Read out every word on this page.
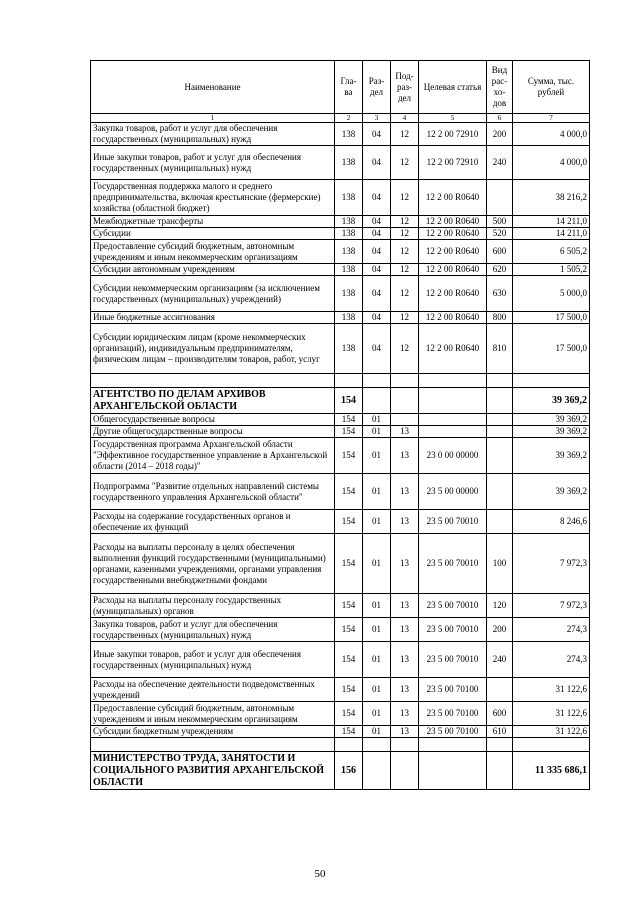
Наименование	Гла-ва	Раз-дел	Под-раз-дел	Целевая статья	Вид рас-хо-дов	Сумма, тыс. рублей
1	2	3	4	5	6	7
Закупка товаров, работ и услуг для обеспечения государственных (муниципальных) нужд	138	04	12	12 2 00 72910	200	4 000,0
Иные закупки товаров, работ и услуг для обеспечения государственных (муниципальных) нужд	138	04	12	12 2 00 72910	240	4 000,0
Государственная поддержка малого и среднего предпринимательства, включая крестьянские (фермерские) хозяйства (областной бюджет)	138	04	12	12 2 00 R0640		38 216,2
Межбюджетные трансферты	138	04	12	12 2 00 R0640	500	14 211,0
Субсидии	138	04	12	12 2 00 R0640	520	14 211,0
Предоставление субсидий бюджетным, автономным учреждениям и иным некоммерческим организациям	138	04	12	12 2 00 R0640	600	6 505,2
Субсидии автономным учреждениям	138	04	12	12 2 00 R0640	620	1 505,2
Субсидии некоммерческим организациям (за исключением государственных (муниципальных) учреждений)	138	04	12	12 2 00 R0640	630	5 000,0
Иные бюджетные ассигнования	138	04	12	12 2 00 R0640	800	17 500,0
Субсидии юридическим лицам (кроме некоммерческих организаций), индивидуальным предпринимателям, физическим лицам – производителям товаров, работ, услуг	138	04	12	12 2 00 R0640	810	17 500,0

АГЕНТСТВО ПО ДЕЛАМ АРХИВОВ АРХАНГЕЛЬСКОЙ ОБЛАСТИ	154					39 369,2
Общегосударственные вопросы	154	01				39 369,2
Другие общегосударственные вопросы	154	01	13			39 369,2
Государственная программа Архангельской области "Эффективное государственное управление в Архангельской области (2014 – 2018 годы)"	154	01	13	23 0 00 00000		39 369,2
Подпрограмма "Развитие отдельных направлений системы государственного управления Архангельской области"	154	01	13	23 5 00 00000		39 369,2
Расходы на содержание государственных органов и обеспечение их функций	154	01	13	23 5 00 70010		8 246,6
Расходы на выплаты персоналу в целях обеспечения выполнения функций государственными (муниципальными) органами, казенными учреждениями, органами управления государственными внебюджетными фондами	154	01	13	23 5 00 70010	100	7 972,3
Расходы на выплаты персоналу государственных (муниципальных) органов	154	01	13	23 5 00 70010	120	7 972,3
Закупка товаров, работ и услуг для обеспечения государственных (муниципальных) нужд	154	01	13	23 5 00 70010	200	274,3
Иные закупки товаров, работ и услуг для обеспечения государственных (муниципальных) нужд	154	01	13	23 5 00 70010	240	274,3
Расходы на обеспечение деятельности подведомственных учреждений	154	01	13	23 5 00 70100		31 122,6
Предоставление субсидий бюджетным, автономным учреждениям и иным некоммерческим организациям	154	01	13	23 5 00 70100	600	31 122,6
Субсидии бюджетным учреждениям	154	01	13	23 5 00 70100	610	31 122,6

МИНИСТЕРСТВО ТРУДА, ЗАНЯТОСТИ И СОЦИАЛЬНОГО РАЗВИТИЯ АРХАНГЕЛЬСКОЙ ОБЛАСТИ	156					11 335 686,1
50
